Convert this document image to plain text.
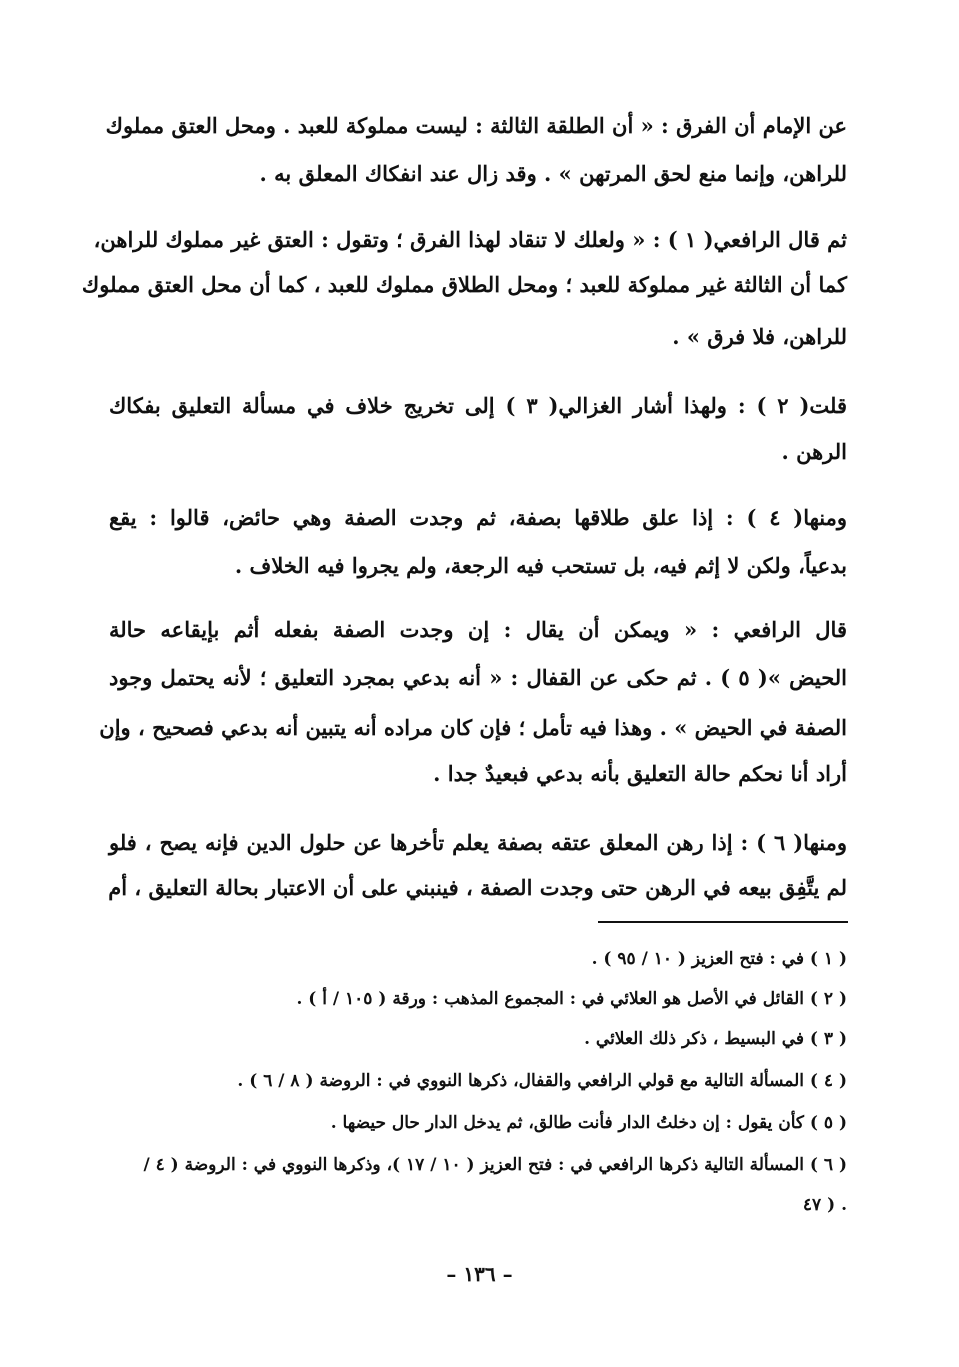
عن الإمام أن الفرق : « أن الطلقة الثالثة : ليست مملوكة للعبد . ومحل العتق مملوك
للراهن، وإنما منع لحق المرتهن » . وقد زال عند انفكاك المعلق به .
ثم قال الرافعي( ١ ) : « ولعلك لا تنقاد لهذا الفرق ؛ وتقول : العتق غير مملوك للراهن،
كما أن الثالثة غير مملوكة للعبد ؛ ومحل الطلاق مملوك للعبد ، كما أن محل العتق مملوك
للراهن، فلا فرق » .
قلت( ٢ ) : ولهذا أشار الغزالي( ٣ ) إلى تخريج خلاف في مسألة التعليق بفكاك
الرهن .
ومنها( ٤ ) : إذا علق طلاقها بصفة، ثم وجدت الصفة وهي حائض، قالوا : يقع
بدعياً، ولكن لا إثم فيه، بل تستحب فيه الرجعة، ولم يجروا فيه الخلاف .
قال الرافعي : « ويمكن أن يقال : إن وجدت الصفة بفعله أثم بإيقاعه حالة
الحيض »( ٥ ) . ثم حكى عن القفال : « أنه بدعي بمجرد التعليق ؛ لأنه يحتمل وجود
الصفة في الحيض » . وهذا فيه تأمل ؛ فإن كان مراده أنه يتبين أنه بدعي فصحيح ، وإن
أراد أنا نحكم حالة التعليق بأنه بدعي فبعيدٌ جدا .
ومنها( ٦ ) : إذا رهن المعلق عتقه بصفة يعلم تأخرها عن حلول الدين فإنه يصح ، فلو
لم يتَّفِق بيعه في الرهن حتى وجدت الصفة ، فينبني على أن الاعتبار بحالة التعليق ، أم
( ١ ) في : فتح العزيز ( ١٠ / ٩٥ ) .
( ٢ ) القائل في الأصل هو العلائي في : المجموع المذهب : ورقة ( ١٠٥ / أ ) .
( ٣ ) في البسيط ، ذكر ذلك العلائي .
( ٤ ) المسألة التالية مع قولي الرافعي والقفال، ذكرها النووي في : الروضة ( ٨ / ٦ ) .
( ٥ ) كأن يقول : إن دخلتُ الدار فأنت طالق، ثم يدخل الدار حال حيضها .
( ٦ ) المسألة التالية ذكرها الرافعي في : فتح العزيز ( ١٠ / ١٧ )، وذكرها النووي في : الروضة ( ٤ /
٤٧ ) .
– ١٣٦ –
